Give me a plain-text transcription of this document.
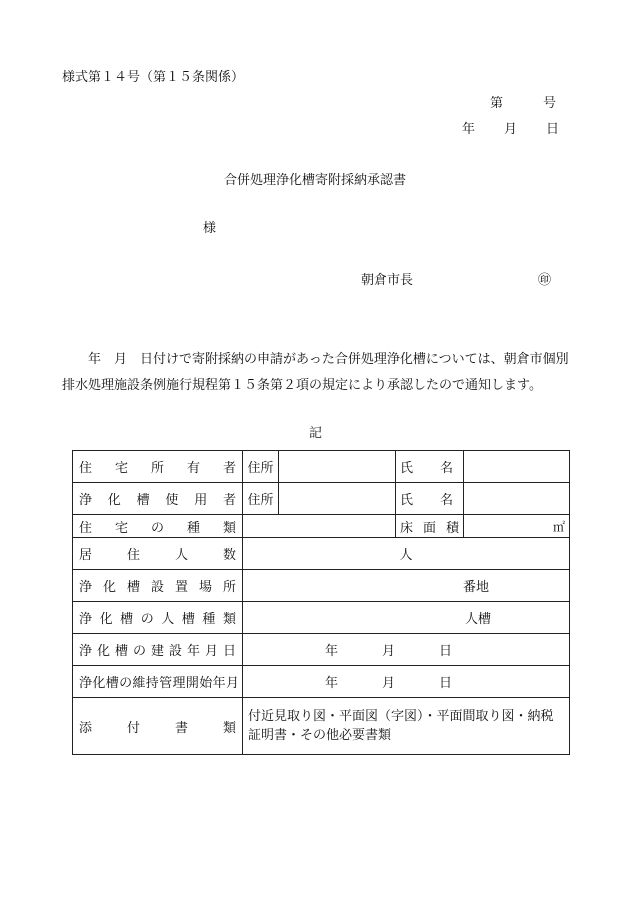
様式第１４号（第１５条関係）
第	号
年 月 日
合併処理浄化槽寄附採納承認書
様
朝倉市長	㊞

年　月　日付けで寄附採納の申請があった合併処理浄化槽については、朝倉市個別

排水処理施設条例施行規程第１５条第２項の規定により承認したので通知します。

記
住宅所有者	住所		氏名	
浄化槽使用者	住所		氏名	
住宅の種類			床面積	㎡
居住人数	人			
浄化槽設置場所	番地			
浄化槽の人槽種類	人槽			
浄化槽の建設年月日	年 月 日			
浄化槽の維持管理開始年月	年 月 日			
添付書類	付近見取り図・平面図（字図）・平面間取り図・納税証明書・その他必要書類			
